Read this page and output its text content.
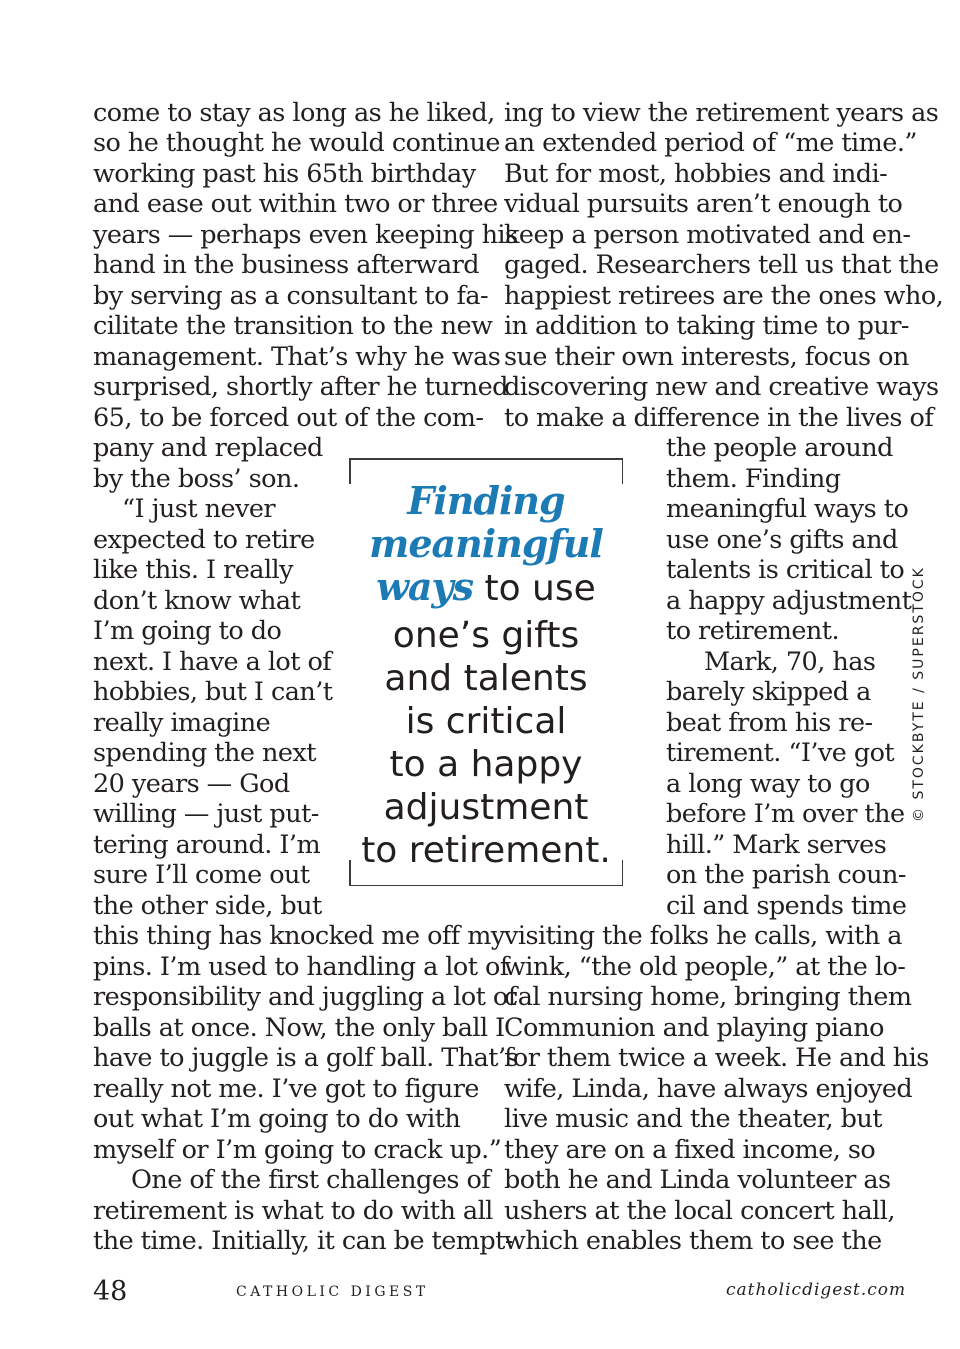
come to stay as long as he liked,
so he thought he would continue
working past his 65th birthday
and ease out within two or three
years — perhaps even keeping his
hand in the business afterward
by serving as a consultant to fa-
cilitate the transition to the new
management. That’s why he was
surprised, shortly after he turned
65, to be forced out of the com-
pany and replaced
by the boss’ son.
“I just never
expected to retire
like this. I really
don’t know what
I’m going to do
next. I have a lot of
hobbies, but I can’t
really imagine
spending the next
20 years — God
willing — just put-
tering around. I’m
sure I’ll come out
the other side, but
this thing has knocked me off my
pins. I’m used to handling a lot of
responsibility and juggling a lot of
balls at once. Now, the only ball I
have to juggle is a golf ball. That’s
really not me. I’ve got to figure
out what I’m going to do with
myself or I’m going to crack up.”
One of the first challenges of
retirement is what to do with all
the time. Initially, it can be tempt-
ing to view the retirement years as
an extended period of “me time.”
But for most, hobbies and indi-
vidual pursuits aren’t enough to
keep a person motivated and en-
gaged. Researchers tell us that the
happiest retirees are the ones who,
in addition to taking time to pur-
sue their own interests, focus on
discovering new and creative ways
to make a difference in the lives of
the people around
them. Finding
meaningful ways to
use one’s gifts and
talents is critical to
a happy adjustment
to retirement.
Mark, 70, has
barely skipped a
beat from his re-
tirement. “I’ve got
a long way to go
before I’m over the
hill.” Mark serves
on the parish coun-
cil and spends time
visiting the folks he calls, with a
wink, “the old people,” at the lo-
cal nursing home, bringing them
Communion and playing piano
for them twice a week. He and his
wife, Linda, have always enjoyed
live music and the theater, but
they are on a fixed income, so
both he and Linda volunteer as
ushers at the local concert hall,
which enables them to see the
Finding
meaningful
ways to use
one’s gifts
and talents
is critical
to a happy
adjustment
to retirement.
© STOCKBYTE / SUPERSTOCK
48	CATHOLIC DIGEST	catholicdigest.com
